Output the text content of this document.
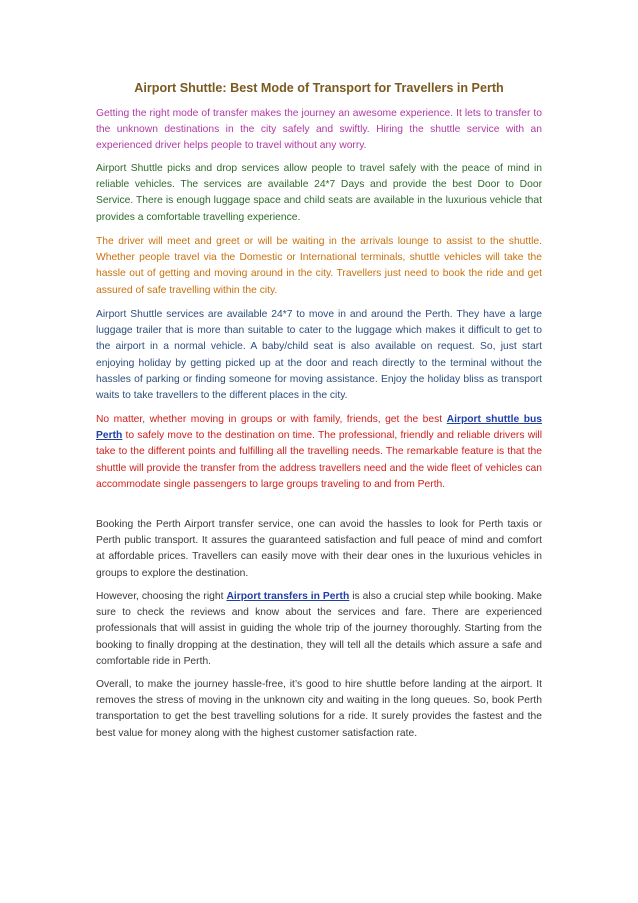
Airport Shuttle: Best Mode of Transport for Travellers in Perth

Getting the right mode of transfer makes the journey an awesome experience. It lets to transfer to the unknown destinations in the city safely and swiftly. Hiring the shuttle service with an experienced driver helps people to travel without any worry.

Airport Shuttle picks and drop services allow people to travel safely with the peace of mind in reliable vehicles. The services are available 24*7 Days and provide the best Door to Door Service. There is enough luggage space and child seats are available in the luxurious vehicle that provides a comfortable travelling experience.

The driver will meet and greet or will be waiting in the arrivals lounge to assist to the shuttle. Whether people travel via the Domestic or International terminals, shuttle vehicles will take the hassle out of getting and moving around in the city. Travellers just need to book the ride and get assured of safe travelling within the city.

Airport Shuttle services are available 24*7 to move in and around the Perth. They have a large luggage trailer that is more than suitable to cater to the luggage which makes it difficult to get to the airport in a normal vehicle. A baby/child seat is also available on request. So, just start enjoying holiday by getting picked up at the door and reach directly to the terminal without the hassles of parking or finding someone for moving assistance. Enjoy the holiday bliss as transport waits to take travellers to the different places in the city.

No matter, whether moving in groups or with family, friends, get the best Airport shuttle bus Perth to safely move to the destination on time. The professional, friendly and reliable drivers will take to the different points and fulfilling all the travelling needs. The remarkable feature is that the shuttle will provide the transfer from the address travellers need and the wide fleet of vehicles can accommodate single passengers to large groups traveling to and from Perth.

Booking the Perth Airport transfer service, one can avoid the hassles to look for Perth taxis or Perth public transport. It assures the guaranteed satisfaction and full peace of mind and comfort at affordable prices. Travellers can easily move with their dear ones in the luxurious vehicles in groups to explore the destination.

However, choosing the right Airport transfers in Perth is also a crucial step while booking. Make sure to check the reviews and know about the services and fare. There are experienced professionals that will assist in guiding the whole trip of the journey thoroughly. Starting from the booking to finally dropping at the destination, they will tell all the details which assure a safe and comfortable ride in Perth.

Overall, to make the journey hassle-free, it’s good to hire shuttle before landing at the airport. It removes the stress of moving in the unknown city and waiting in the long queues. So, book Perth transportation to get the best travelling solutions for a ride. It surely provides the fastest and the best value for money along with the highest customer satisfaction rate.
